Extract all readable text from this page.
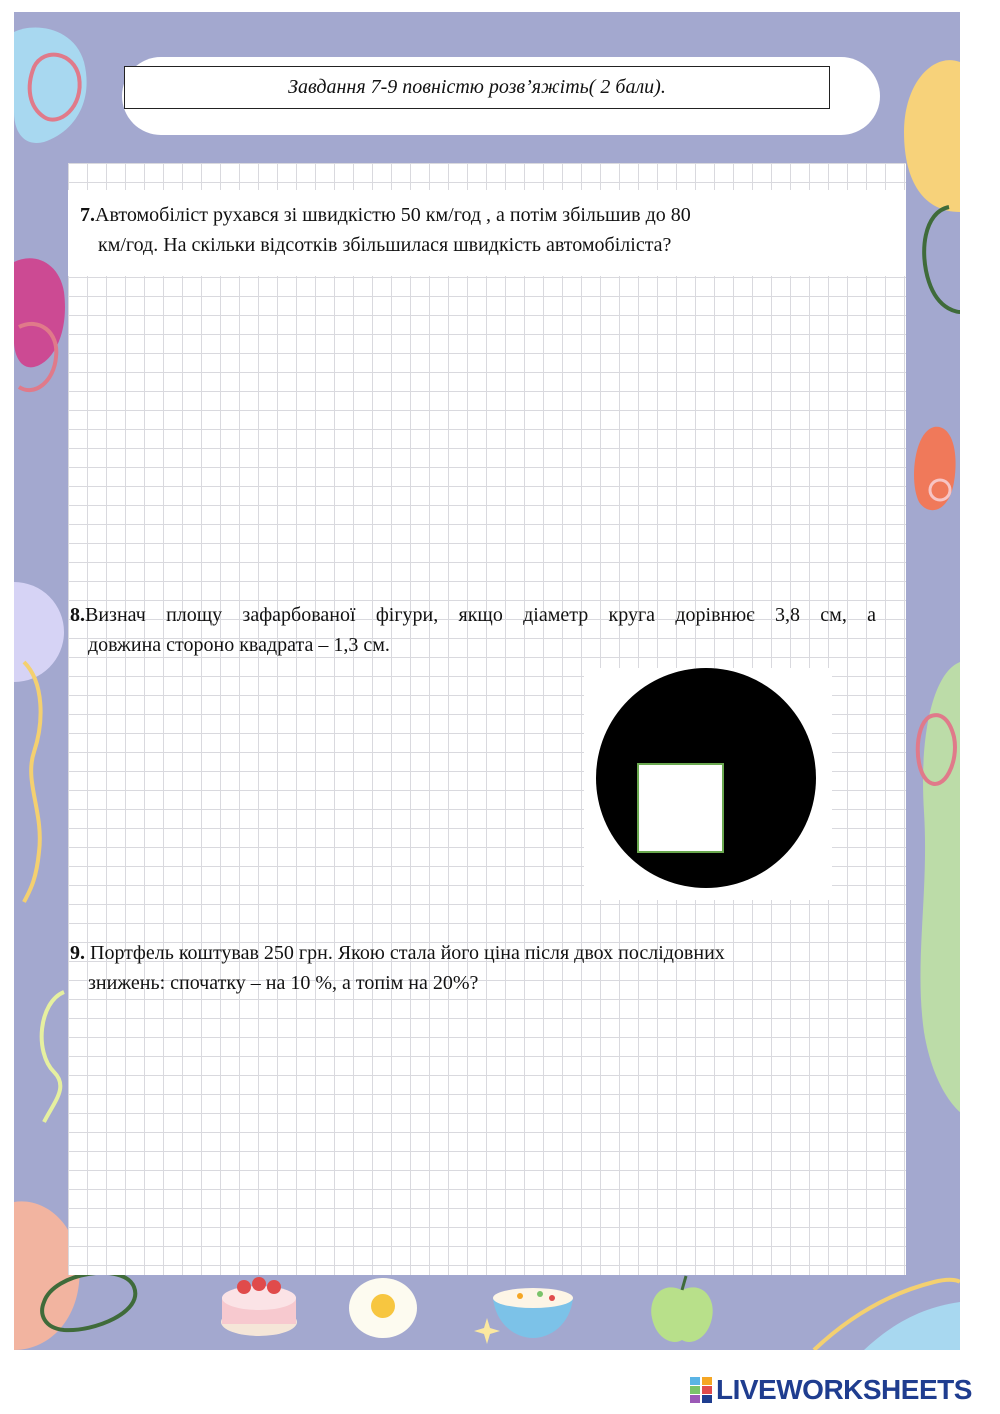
Завдання 7-9 повністю розв’яжіть( 2 бали).
7.Автомобіліст рухався зі швидкістю 50 км/год , а потім збільшив до 80
км/год. На скільки відсотків збільшилася швидкість автомобіліста?
8.Визнач площу зафарбованої фігури, якщо діаметр круга дорівнює 3,8 см, а
довжина стороно квадрата – 1,3 см.
9. Портфель коштував 250 грн. Якою стала його ціна після двох послідовних
знижень: спочатку – на 10 %, а топім на 20%?
LIVEWORKSHEETS
